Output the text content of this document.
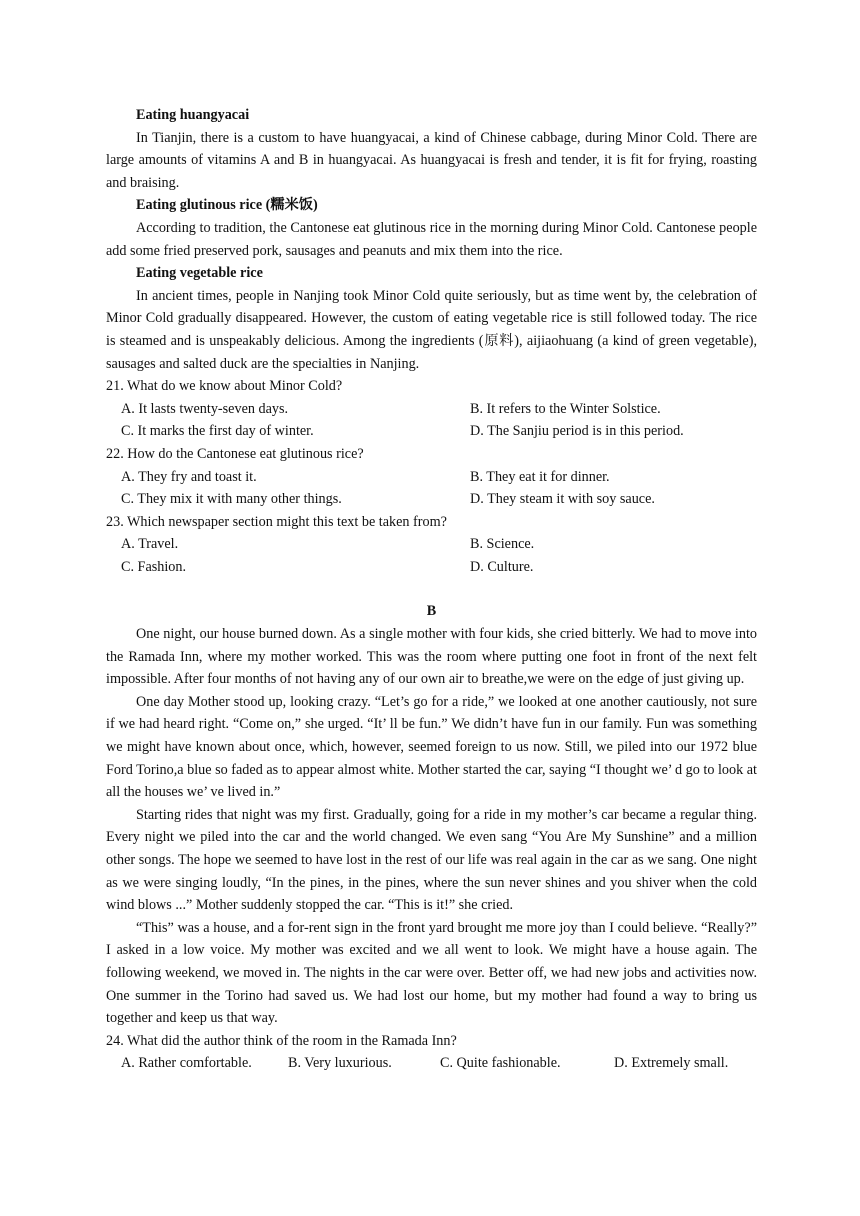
Eating huangyacai

In Tianjin, there is a custom to have huangyacai, a kind of Chinese cabbage, during Minor Cold. There are large amounts of vitamins A and B in huangyacai. As huangyacai is fresh and tender, it is fit for frying, roasting and braising.

Eating glutinous rice (糯米饭)

According to tradition, the Cantonese eat glutinous rice in the morning during Minor Cold. Cantonese people add some fried preserved pork, sausages and peanuts and mix them into the rice.

Eating vegetable rice

In ancient times, people in Nanjing took Minor Cold quite seriously, but as time went by, the celebration of Minor Cold gradually disappeared. However, the custom of eating vegetable rice is still followed today. The rice is steamed and is unspeakably delicious. Among the ingredients (原料), aijiaohuang (a kind of green vegetable), sausages and salted duck are the specialties in Nanjing.

21. What do we know about Minor Cold?

A. It lasts twenty-seven days.	B. It refers to the Winter Solstice.
C. It marks the first day of winter.	D. The Sanjiu period is in this period.

22. How do the Cantonese eat glutinous rice?

A. They fry and toast it.	B. They eat it for dinner.
C. They mix it with many other things.	D. They steam it with soy sauce.

23. Which newspaper section might this text be taken from?

A. Travel.	B. Science.
C. Fashion.	D. Culture.

B

One night, our house burned down. As a single mother with four kids, she cried bitterly. We had to move into the Ramada Inn, where my mother worked. This was the room where putting one foot in front of the next felt impossible. After four months of not having any of our own air to breathe,we were on the edge of just giving up.

One day Mother stood up, looking crazy. “Let’s go for a ride,” we looked at one another cautiously, not sure if we had heard right. “Come on,” she urged. “It’ ll be fun.” We didn’t have fun in our family. Fun was something we might have known about once, which, however, seemed foreign to us now. Still, we piled into our 1972 blue Ford Torino,a blue so faded as to appear almost white. Mother started the car, saying “I thought we’ d go to look at all the houses we’ ve lived in.”

Starting rides that night was my first. Gradually, going for a ride in my mother’s car became a regular thing. Every night we piled into the car and the world changed. We even sang “You Are My Sunshine” and a million other songs. The hope we seemed to have lost in the rest of our life was real again in the car as we sang. One night as we were singing loudly, “In the pines, in the pines, where the sun never shines and you shiver when the cold wind blows ...” Mother suddenly stopped the car. “This is it!” she cried.

“This” was a house, and a for-rent sign in the front yard brought me more joy than I could believe. “Really?” I asked in a low voice. My mother was excited and we all went to look. We might have a house again. The following weekend, we moved in. The nights in the car were over. Better off, we had new jobs and activities now. One summer in the Torino had saved us. We had lost our home, but my mother had found a way to bring us together and keep us that way.

24. What did the author think of the room in the Ramada Inn?

A. Rather comfortable.	B. Very luxurious.	C. Quite fashionable.	D. Extremely small.
